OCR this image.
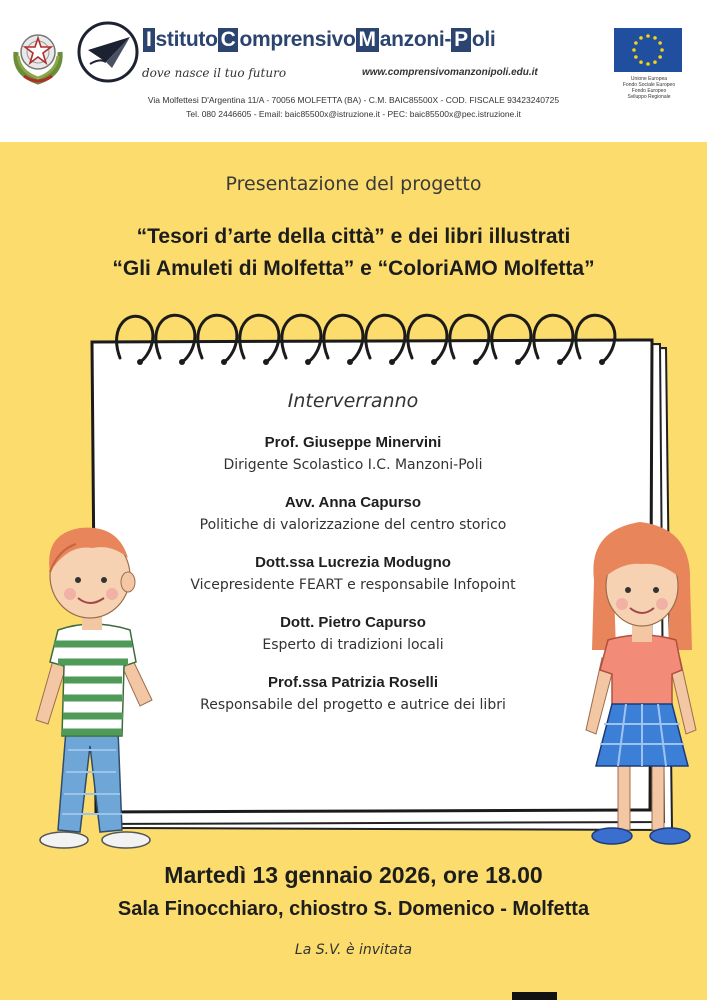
I stituto C omprensivo M anzoni- P oli
dove nasce il tuo futuro	www.comprensivomanzonipoli.edu.it
Unione Europea
Fondo Sociale Europeo
Fondo Europeo
Sviluppo Regionale
Via Molfettesi D'Argentina 11/A - 70056 MOLFETTA (BA) - C.M. BAIC85500X - COD. FISCALE 93423240725
Tel. 080 2446605 - Email: baic85500x@istruzione.it - PEC: baic85500x@pec.istruzione.it
Presentazione del progetto
“Tesori d’arte della città” e dei libri illustrati
“Gli Amuleti di Molfetta” e “ColoriAMO Molfetta”
Interverranno
Prof. Giuseppe Minervini
Dirigente Scolastico I.C. Manzoni-Poli
Avv. Anna Capurso
Politiche di valorizzazione del centro storico
Dott.ssa Lucrezia Modugno
Vicepresidente FEART e responsabile Infopoint
Dott. Pietro Capurso
Esperto di tradizioni locali
Prof.ssa Patrizia Roselli
Responsabile del progetto e autrice dei libri
Martedì 13 gennaio 2026, ore 18.00
Sala Finocchiaro, chiostro S. Domenico - Molfetta
La S.V. è invitata
